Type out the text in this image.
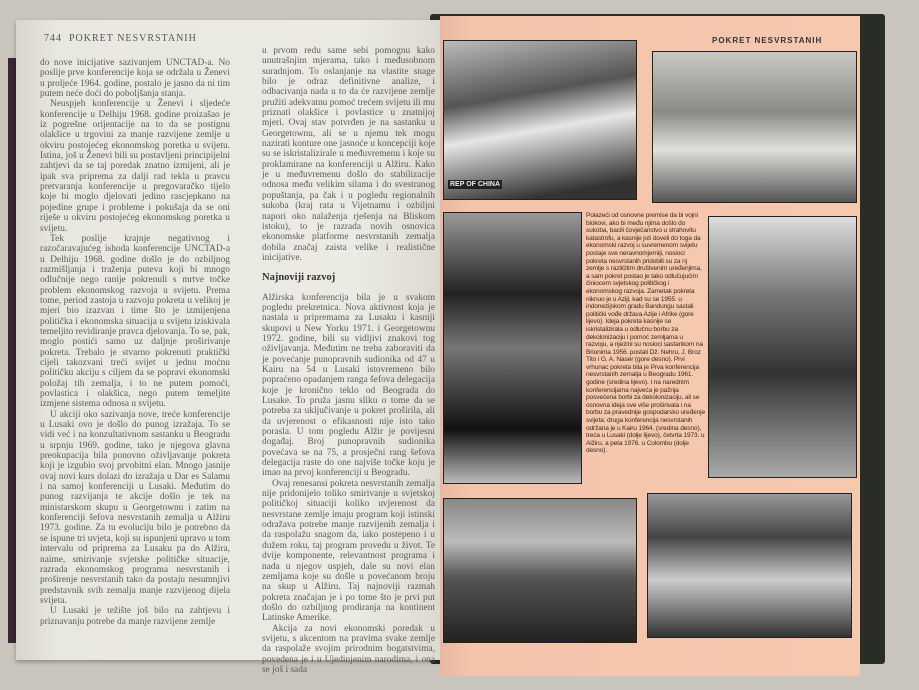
744 POKRET NESVRSTANIH

do nove inicijative sazivanjem UNCTAD-a. No poslije prve konferencije koja se održala u Ženevi u proljeće 1964. godine, postalo je jasno da ni tim putem neće doći do poboljšanja stanja.

Neuspjeh konferencije u Ženevi i sljedeće konferencije u Delhiju 1968. godine proizašao je iz pogrešne orijentacije na to da se postignu olakšice u trgovini za manje razvijene zemlje u okviru postojećeg ekonomskog poretka u svijetu. Istina, još u Ženevi bili su postavljeni principijelni zahtjevi da se taj poredak znatno izmijeni, ali je ipak sva priprema za dalji rad tekla u pravcu pretvaranja konferencije u pregovaračko tijelo koje bi moglo djelovati jedino rascjepkano na pojedine grupe i probleme i pokušaja da se oni riješe u okviru postojećeg ekonomskog poretka u svijetu.

Tek poslije krajnje negativnog i razočaravajućeg ishoda konferencije UNCTAD-a u Delhiju 1968. godine došlo je do ozbiljnog razmišljanja i traženja puteva koji bi mnogo odlučnije nego ranije pokrenuli s mrtve točke problem ekonomskog razvoja u svijetu. Prema tome, period zastoja u razvoju pokreta u velikoj je mjeri bio izazvan i time što je izmijenjena politička i ekonomska situacija u svijetu iziskivala temeljito revidiranje pravca djelovanja. To se, pak, moglo postići samo uz daljnje proširivanje pokreta. Trebalo je stvarno pokrenuti praktički cijeli takozvani treći svijet u jednu moćnu političku akciju s ciljem da se popravi ekonomski položaj tih zemalja, i to ne putem pomoći, povlastica i olakšica, nego putem temeljite izmjene sistema odnosa u svijetu.

U akciji oko sazivanja nove, treće konferencije u Lusaki ovo je došlo do punog izražaja. To se vidi već i na konzultativnom sastanku u Beogradu u srpnju 1969. godine, tako je njegova glavna preokupacija bila ponovno oživljavanje pokreta koji je izgubio svoj prvobitni elan. Mnogo jasnije ovaj novi kurs dolazi do izražaja u Dar es Salamu i na samoj konferenciji u Lusaki. Međutim do punog razvijanja te akcije došlo je tek na ministarskom skupu u Georgetownu i zatim na konferenciji šefova nesvrstanih zemalja u Alžiru 1973. godine. Za tu evoluciju bilo je potrebno da se ispune tri uvjeta, koji su ispunjeni upravo u tom intervalu od priprema za Lusaku pa do Alžira, naime, smirivanje svjetske političke situacije, razrada ekonomskog programa nesvrstanih i proširenje nesvrstanih tako da postaju nesumnjivi predstavnik svih zemalja manje razvijenog dijela svijeta.

U Lusaki je težište još bilo na zahtjevu i priznavanju potrebe da manje razvijene zemlje

u prvom redu same sebi pomognu kako unutrašnjim mjerama, tako i međusobnom suradnjom. To oslanjanje na vlastite snage bilo je odraz definitivne analize, i odbacivanja nada u to da će razvijene zemlje pružiti adekvatnu pomoć trećem svijetu ili mu priznati olakšice i povlastice u znatnijoj mjeri. Ovaj stav potvrđen je na sastanku u Georgetownu, ali se u njemu tek mogu nazirati konture one jasnoće u koncepciji koje su se iskristalizirale u međuvremenu i koje su proklamirane na konferenciji u Alžiru. Kako je u međuvremenu došlo do stabilizacije odnosa među velikim silama i do svestranog popuštanja, pa čak i u pogledu regionalnih sukoba (kraj rata u Vijetnamu i ozbiljni napori oko nalaženja rješenja na Bliskom istoku), to je razrada novih osnovica ekonomske platforme nesvrstanih zemalja dobila značaj zaista velike i realistične inicijative.

Najnoviji razvoj

Alžirska konferencija bila je u svakom pogledu prekretnica. Nova aktivnost koja je nastala u pripremama za Lusaku i kasniji skupovi u New Yorku 1971. i Georgetownu 1972. godine, bili su vidljivi znakovi tog oživljavanja. Međutim ne treba zaboraviti da je povećanje punopravnih sudionika od 47 u Kairu na 54 u Lusaki istovremeno bilo popraćeno opadanjem ranga šefova delegacija koje je kronično teklo od Beograda do Lusake. To pruža jasnu sliku o tome da se potreba za uključivanje u pokret proširila, ali da uvjerenost o efikasnosti nije isto tako porasla. U tom pogledu Alžir je povijesni događaj. Broj punopravnih sudionika povećava se na 75, a prosječni rang šefova delegacija raste do one najviše točke koju je imao na prvoj konferenciji u Beogradu.

Ovaj renesansi pokreta nesvrstanih zemalja nije pridonijelo toliko smirivanje u svjetskoj političkoj situaciji koliko uvjerenost da nesvrstane zemlje imaju program koji istinski odražava potrebe manje razvijenih zemalja i da raspolažu snagom da, iako postepeno i u dužem roku, taj program provedu u život. Te dvije komponente, relevantnost programa i nada u njegov uspjeh, dale su novi elan zemljama koje su došle u povećanom broju na skup u Alžiru. Taj najnoviji razmah pokreta značajan je i po tome što je prvi put došlo do ozbiljnog prodiranja na kontinent Latinske Amerike.

Akcija za novi ekonomski poredak u svijetu, s akcentom na pravima svake zemlje da raspolaže svojim prirodnim bogatstvima, povedena je i u Ujedinjenim narodima, i ona se još i sada

POKRET NESVRSTANIH
REP OF CHINA
Polazeći od osnovne premise da bi vojni blokovi, ako bi među njima došlo do sukoba, bacili čovječanstvo u strahovitu katastrofu, a kasnije još doveli do toga da ekonomski razvoj u suvremenom svijetu postaje sve neravnomjerniji, nosioci pokreta nesvrstanih pridobili su za nj zemlje s različitim društvenim uređenjima, a sam pokret postao je tako odlučujućim činiocem svjetskog političkog i ekonomskog razvoja. Zametak pokreta niknuo je u Aziji, kad su se 1955. u indonezijskom gradu Bandungu sastali politički vođe država Azije i Afrike (gore lijevo). Ideja pokreta kasnije se iskristalizirala u odlučnu borbu za dekolonizaciju i pomoć zemljama u razvoju, a njezini su nosioci sastankom na Brionima 1956. postali Dž. Nehru, J. Broz Tito i G. A. Naser (gore desno). Prvi vrhunac pokreta bila je Prva konferencija nesvrstanih zemalja u Beogradu 1961. godine (sredina lijevo). I na narednim konferencijama najveća je pažnja posvećena borbi za dekolonizaciju, ali se osnovna ideja sve više proširivala i na borbu za pravednije gospodarsko uređenje svijeta: druga konferencija nesvrstanih održana je u Kairu 1964. (sredina desno), treća u Lusaki (dolje lijevo), četvrta 1973. u Alžiru, a peta 1976. u Colombu (dolje desno).
